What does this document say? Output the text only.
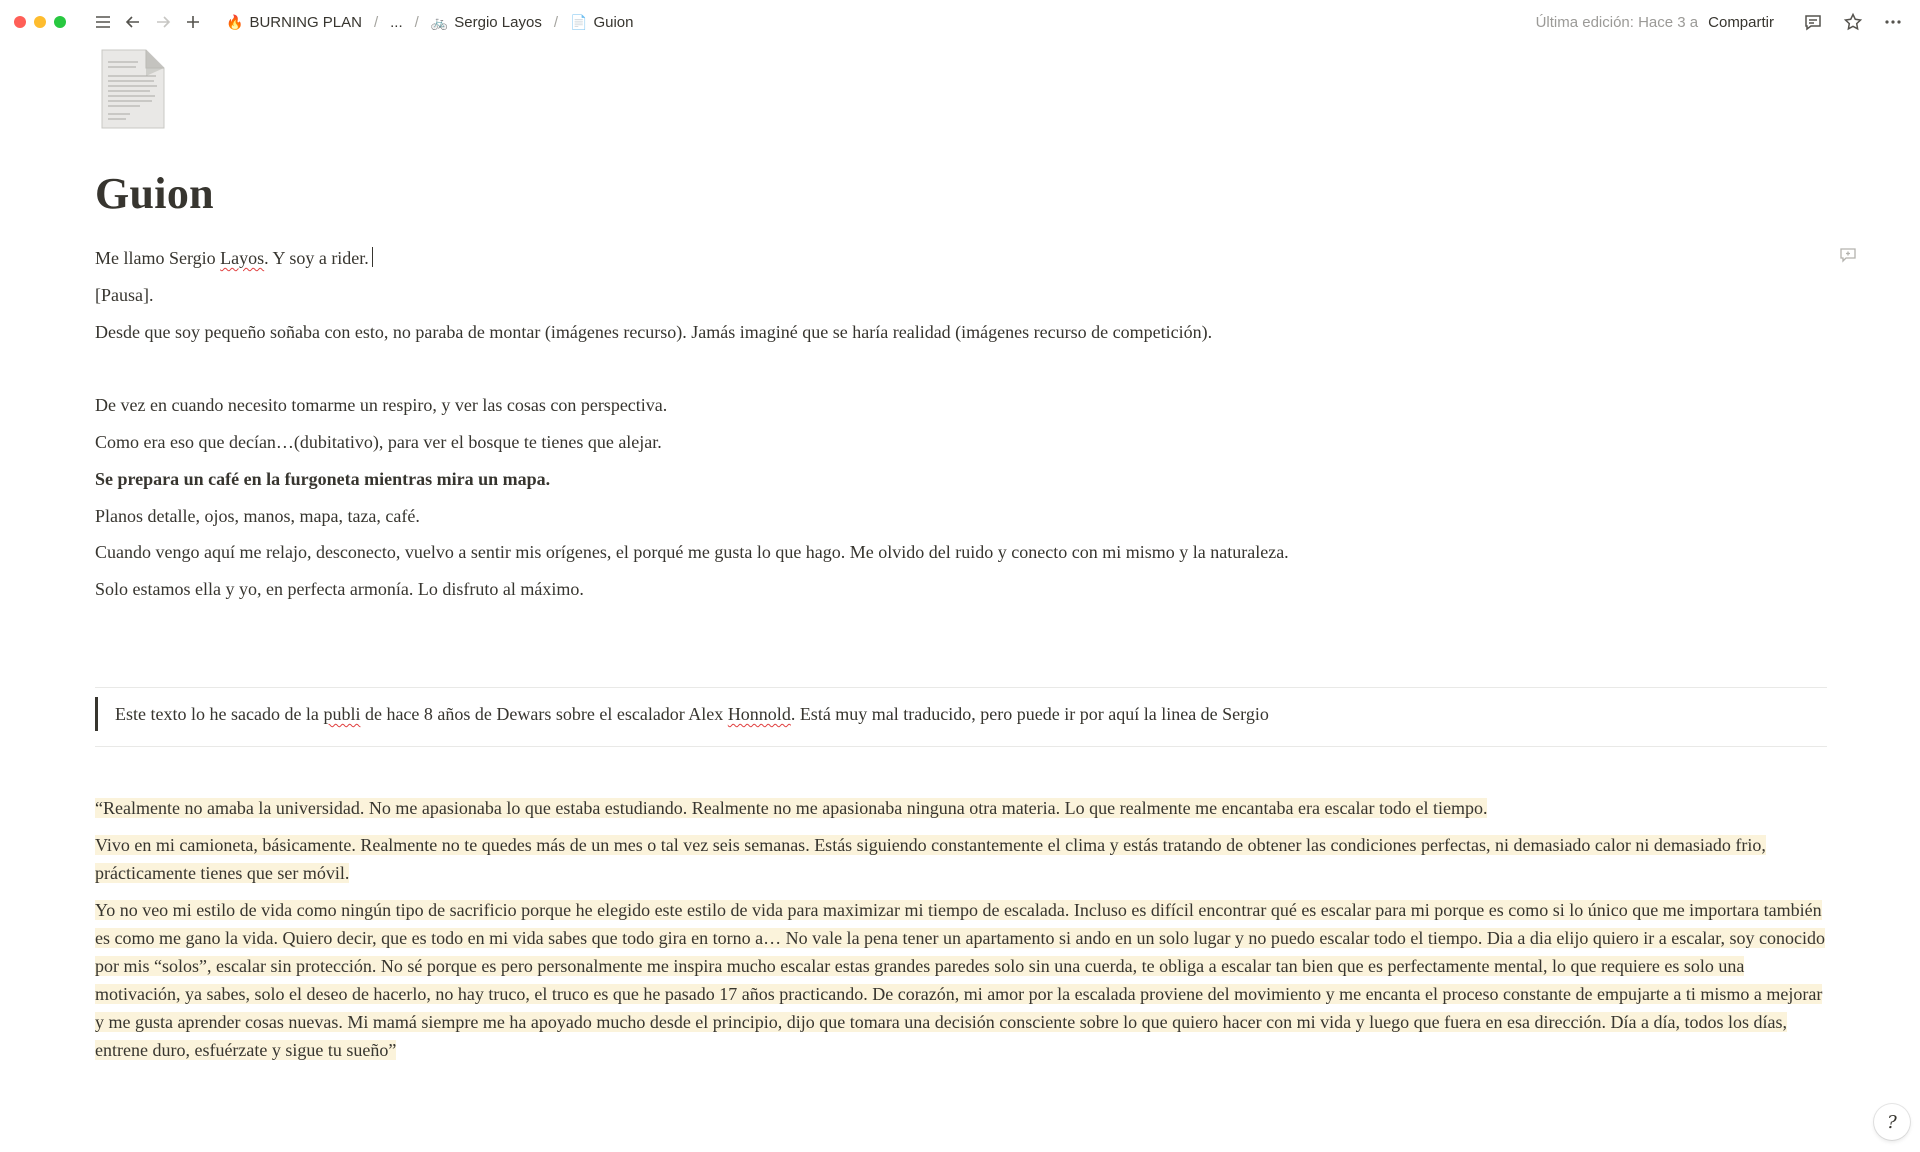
🔥 BURNING PLAN / ... / 🚲 Sergio Layos / 📄 Guion	Última edición: Hace 3 a Compartir
Guion
Me llamo Sergio Layos. Y soy a rider.
[Pausa].
Desde que soy pequeño soñaba con esto, no paraba de montar (imágenes recurso). Jamás imaginé que se haría realidad (imágenes recurso de competición).
De vez en cuando necesito tomarme un respiro, y ver las cosas con perspectiva.
Como era eso que decían…(dubitativo), para ver el bosque te tienes que alejar.
Se prepara un café en la furgoneta mientras mira un mapa.
Planos detalle, ojos, manos, mapa, taza, café.
Cuando vengo aquí me relajo, desconecto, vuelvo a sentir mis orígenes, el porqué me gusta lo que hago. Me olvido del ruido y conecto con mi mismo y la naturaleza.
Solo estamos ella y yo, en perfecta armonía. Lo disfruto al máximo.
Este texto lo he sacado de la publi de hace 8 años de Dewars sobre el escalador Alex Honnold. Está muy mal traducido, pero puede ir por aquí la linea de Sergio
“Realmente no amaba la universidad. No me apasionaba lo que estaba estudiando. Realmente no me apasionaba ninguna otra materia. Lo que realmente me encantaba era escalar todo el tiempo.
Vivo en mi camioneta, básicamente. Realmente no te quedes más de un mes o tal vez seis semanas. Estás siguiendo constantemente el clima y estás tratando de obtener las condiciones perfectas, ni demasiado calor ni demasiado frio, prácticamente tienes que ser móvil.
Yo no veo mi estilo de vida como ningún tipo de sacrificio porque he elegido este estilo de vida para maximizar mi tiempo de escalada. Incluso es difícil encontrar qué es escalar para mi porque es como si lo único que me importara también es como me gano la vida. Quiero decir, que es todo en mi vida sabes que todo gira en torno a… No vale la pena tener un apartamento si ando en un solo lugar y no puedo escalar todo el tiempo. Dia a dia elijo quiero ir a escalar, soy conocido por mis “solos”, escalar sin protección. No sé porque es pero personalmente me inspira mucho escalar estas grandes paredes solo sin una cuerda, te obliga a escalar tan bien que es perfectamente mental, lo que requiere es solo una motivación, ya sabes, solo el deseo de hacerlo, no hay truco, el truco es que he pasado 17 años practicando. De corazón, mi amor por la escalada proviene del movimiento y me encanta el proceso constante de empujarte a ti mismo a mejorar y me gusta aprender cosas nuevas. Mi mamá siempre me ha apoyado mucho desde el principio, dijo que tomara una decisión consciente sobre lo que quiero hacer con mi vida y luego que fuera en esa dirección. Día a día, todos los días, entrene duro, esfuérzate y sigue tu sueño”
?
